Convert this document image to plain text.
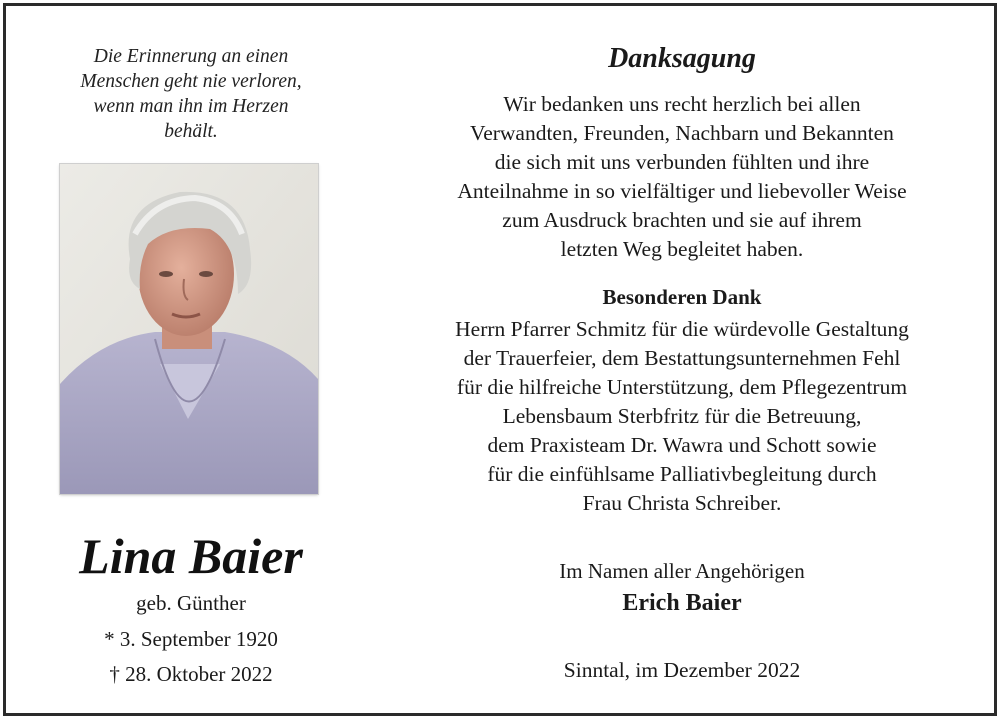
Die Erinnerung an einen
Menschen geht nie verloren,
wenn man ihn im Herzen
behält.
Lina Baier
geb. Günther
* 3. September 1920
† 28. Oktober 2022
Danksagung
Wir bedanken uns recht herzlich bei allen
Verwandten, Freunden, Nachbarn und Bekannten
die sich mit uns verbunden fühlten und ihre
Anteilnahme in so vielfältiger und liebevoller Weise
zum Ausdruck brachten und sie auf ihrem
letzten Weg begleitet haben.
Besonderen Dank
Herrn Pfarrer Schmitz für die würdevolle Gestaltung
der Trauerfeier, dem Bestattungsunternehmen Fehl
für die hilfreiche Unterstützung, dem Pflegezentrum
Lebensbaum Sterbfritz für die Betreuung,
dem Praxisteam Dr. Wawra und Schott sowie
für die einfühlsame Palliativbegleitung durch
Frau Christa Schreiber.
Im Namen aller Angehörigen
Erich Baier
Sinntal, im Dezember 2022
